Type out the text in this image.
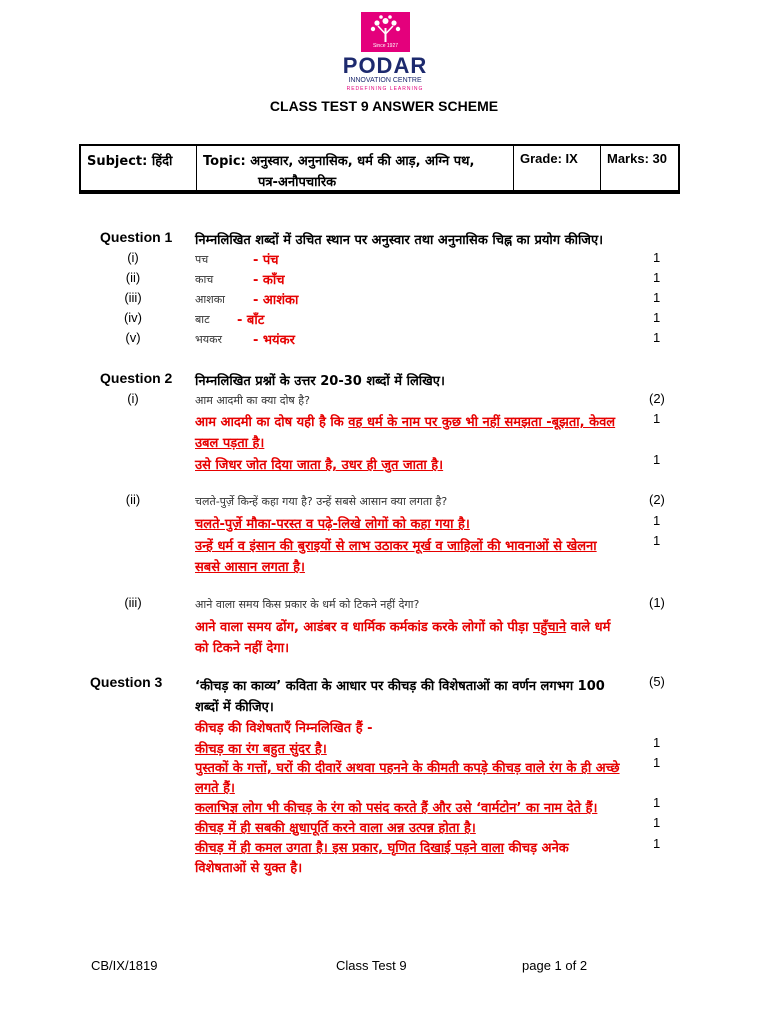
Since 1927
PODAR
INNOVATION CENTRE
REDEFINING LEARNING
CLASS TEST 9 ANSWER SCHEME
Subject: हिंदी	Topic: अनुस्वार, अनुनासिक, धर्म की आड़, अग्नि पथ,
पत्र-अनौपचारिक
Grade: IX	Marks: 30
Question 1 निम्नलिखित शब्दों में उचित स्थान पर अनुस्वार तथा अनुनासिक चिह्न का प्रयोग कीजिए।
(i)	पच	- पंच	1
(ii)	काच	- काँच	1
(iii)	आशका - आशंका	1
(iv)	बाट - बाँट	1
(v)	भयकर - भयंकर	1
Question 2 निम्नलिखित प्रश्नों के उत्तर 20-30 शब्दों में लिखिए।
(i)	आम आदमी का क्या दोष है?	(2)
आम आदमी का दोष यही है कि वह धर्म के नाम पर कुछ भी नहीं समझता -बूझता, केवल	1
उबल पड़ता है।
उसे जिधर जोत दिया जाता है, उधर ही जुत जाता है।	1
(ii)	चलते-पुर्ज़े किन्हें कहा गया है? उन्हें सबसे आसान क्या लगता है?	(2)
चलते-पुर्ज़े मौका-परस्त व पढ़े-लिखे लोगों को कहा गया है।	1
उन्हें धर्म व इंसान की बुराइयों से लाभ उठाकर मूर्ख व जाहिलों की भावनाओं से खेलना	1
सबसे आसान लगता है।
(iii)	आने वाला समय किस प्रकार के धर्म को टिकने नहीं देगा?	(1)
आने वाला समय ढोंग, आडंबर व धार्मिक कर्मकांड करके लोगों को पीड़ा पहुँचाने वाले धर्म
को टिकने नहीं देगा।
Question 3	‘कीचड़ का काव्य’ कविता के आधार पर कीचड़ की विशेषताओं का वर्णन लगभग 100	(5)
शब्दों में कीजिए।
कीचड़ की विशेषताएँ निम्नलिखित हैं -
कीचड़ का रंग बहुत सुंदर है।	1
पुस्तकों के गत्तों, घरों की दीवारें अथवा पहनने के कीमती कपड़े कीचड़ वाले रंग के ही अच्छे	1
लगते हैं।
कलाभिज्ञ लोग भी कीचड़ के रंग को पसंद करते हैं और उसे ‘वार्मटोन’ का नाम देते हैं।	1
कीचड़ में ही सबकी क्षुधापूर्ति करने वाला अन्न उत्पन्न होता है।	1
कीचड़ में ही कमल उगता है। इस प्रकार, घृणित दिखाई पड़ने वाला कीचड़ अनेक	1
विशेषताओं से युक्त है।
CB/IX/1819	Class Test 9	page 1 of 2
